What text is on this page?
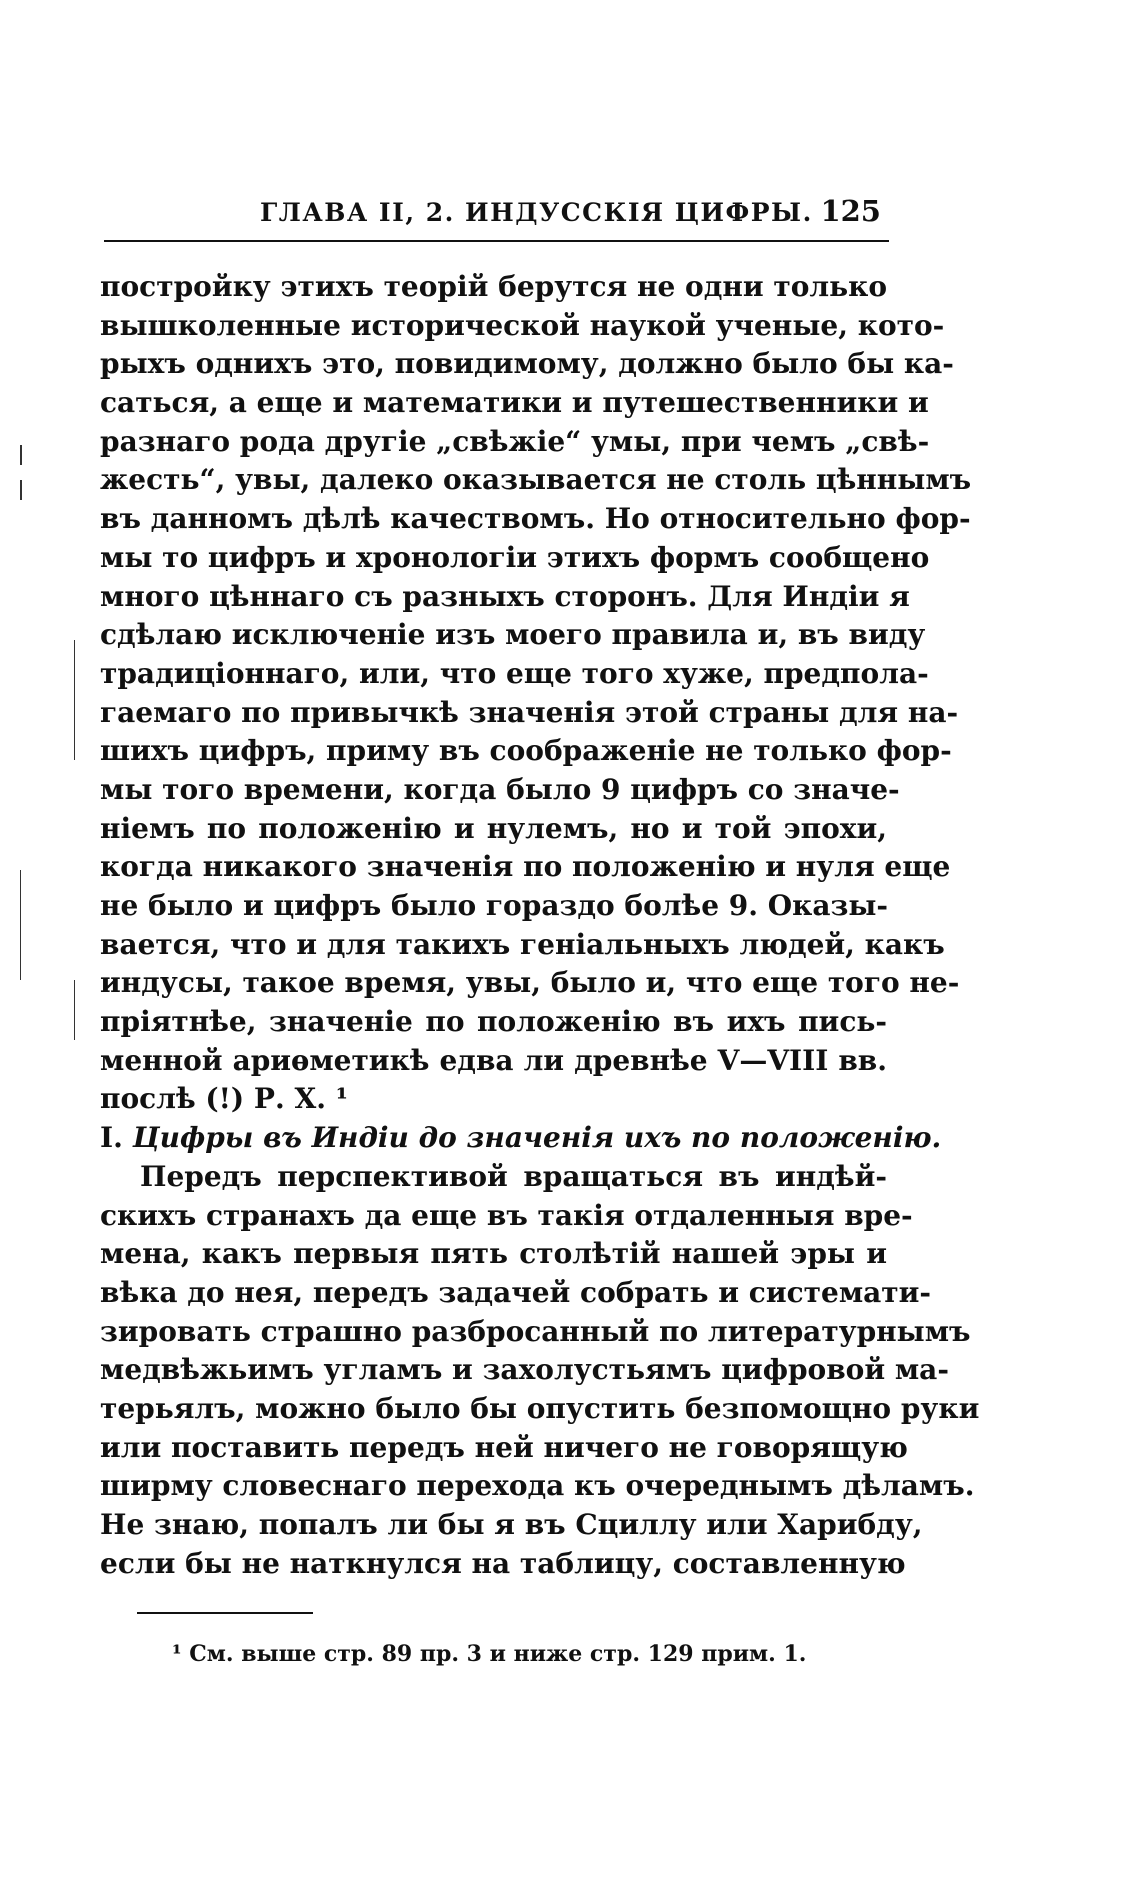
ГЛАВА II, 2. ИНДУССКІЯ ЦИФРЫ. 125
постройку этихъ теорій берутся не одни только
вышколенные исторической наукой ученые, кото-
рыхъ однихъ это, повидимому, должно было бы ка-
саться, а еще и математики и путешественники и
разнаго рода другіе „свѣжіе“ умы, при чемъ „свѣ-
жесть“, увы, далеко оказывается не столь цѣннымъ
въ данномъ дѣлѣ качествомъ. Но относительно фор-
мы то цифръ и хронологіи этихъ формъ сообщено
много цѣннаго съ разныхъ сторонъ. Для Индіи я
сдѣлаю исключеніе изъ моего правила и, въ виду
традиціоннаго, или, что еще того хуже, предпола-
гаемаго по привычкѣ значенія этой страны для на-
шихъ цифръ, приму въ соображеніе не только фор-
мы того времени, когда было 9 цифръ со значе-
ніемъ по положенію и нулемъ, но и той эпохи,
когда никакого значенія по положенію и нуля еще
не было и цифръ было гораздо болѣе 9. Оказы-
вается, что и для такихъ геніальныхъ людей, какъ
индусы, такое время, увы, было и, что еще того не-
пріятнѣе, значеніе по положенію въ ихъ пись-
менной ариѳметикѣ едва ли древнѣе V—VIII вв.
послѣ (!) Р. X. ¹
I. Цифры въ Индіи до значенія ихъ по положенію.
Передъ перспективой вращаться въ индѣй-
скихъ странахъ да еще въ такія отдаленныя вре-
мена, какъ первыя пять столѣтій нашей эры и
вѣка до нея, передъ задачей собрать и системати-
зировать страшно разбросанный по литературнымъ
медвѣжьимъ угламъ и захолустьямъ цифровой ма-
терьялъ, можно было бы опустить безпомощно руки
или поставить передъ ней ничего не говорящую
ширму словеснаго перехода къ очереднымъ дѣламъ.
Не знаю, попалъ ли бы я въ Сциллу или Харибду,
если бы не наткнулся на таблицу, составленную
¹ См. выше стр. 89 пр. 3 и ниже стр. 129 прим. 1.
